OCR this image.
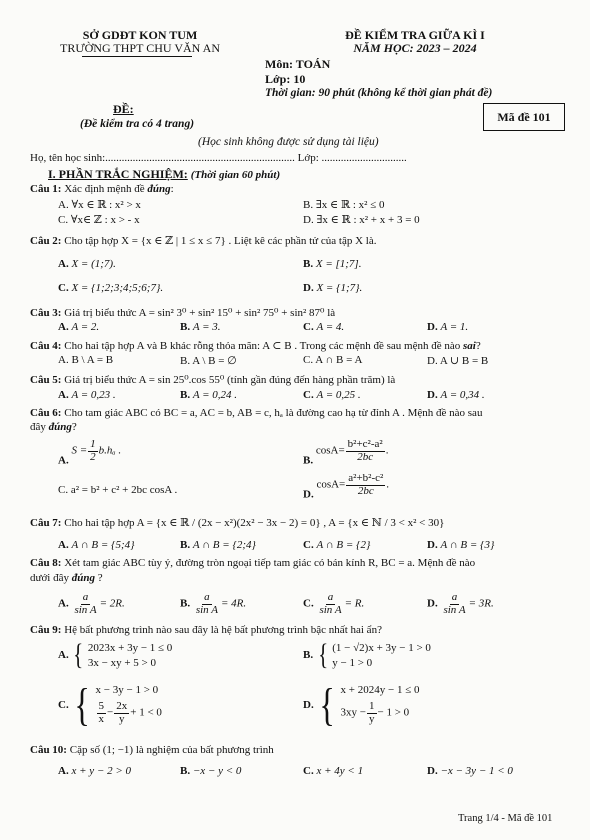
SỞ GDĐT KON TUM
TRƯỜNG THPT CHU VĂN AN
ĐỀ KIỂM TRA GIỮA KÌ I
NĂM HỌC: 2023 – 2024
Môn: TOÁN
Lớp: 10
Thời gian: 90 phút (không kể thời gian phát đề)
ĐỀ:
(Đề kiểm tra có 4 trang)	Mã đề 101
(Học sinh không được sử dụng tài liệu)
Họ, tên học sinh:..................................................................... Lớp: ...............................
I. PHẦN TRẮC NGHIỆM: (Thời gian 60 phút)
Câu 1: Xác định mệnh đề đúng:
A. ∀x ∈ ℝ : x² > x	B. ∃x ∈ ℝ : x² ≤ 0
C. ∀x∈ ℤ : x > - x	D. ∃x ∈ ℝ : x² + x + 3 = 0
Câu 2: Cho tập hợp X = {x ∈ ℤ | 1 ≤ x ≤ 7} . Liệt kê các phần tử của tập X là.
A. X = (1;7).	B. X = [1;7].
C. X = {1;2;3;4;5;6;7}.	D. X = {1;7}.
Câu 3: Giá trị biểu thức A = sin² 3⁰ + sin² 15⁰ + sin² 75⁰ + sin² 87⁰ là
A. A = 2.	B. A = 3.	C. A = 4.	D. A = 1.
Câu 4: Cho hai tập hợp A và B khác rỗng thỏa mãn: A ⊂ B . Trong các mệnh đề sau mệnh đề nào sai?
A. B \ A = B	B. A \ B = ∅	C. A ∩ B = A	D. A ∪ B = B
Câu 5: Giá trị biểu thức A = sin 25⁰.cos 55⁰ (tính gần đúng đến hàng phần trăm) là
A. A = 0,23 .	B. A = 0,24 .	C. A = 0,25 .	D. A = 0,34 .
Câu 6: Cho tam giác ABC có BC = a, AC = b, AB = c, hₐ là đường cao hạ từ đỉnh A . Mệnh đề nào sau
đây đúng?
A. $S = \frac{1}{2} b.h_a$ .
B. $\cos A= \frac{\text{b²+c²-a²}}{2bc}$ .
C. a² = b² + c² + 2bc cosA .	D. $\cos A= \frac{\text{a²+b²-c²}}{2bc}$ .
Câu 7: Cho hai tập hợp A = {x ∈ ℝ / (2x − x²)(2x² − 3x − 2) = 0} , A = {x ∈ ℕ / 3 < x² < 30}
A. A ∩ B = {5;4}	B. A ∩ B = {2;4}	C. A ∩ B = {2}	D. A ∩ B = {3}
Câu 8: Xét tam giác ABC tùy ý, đường tròn ngoại tiếp tam giác có bán kính R, BC = a. Mệnh đề nào
dưới đây đúng ?
A. $\frac{a}{\text{sin A}} = 2R$.	B. $\frac{a}{\text{sin A}} = 4R$.	C. $\frac{a}{\text{sin A}} = R$.	D. $\frac{a}{\text{sin A}} = 3R$.
Câu 9: Hệ bất phương trình nào sau đây là hệ bất phương trình bậc nhất hai ẩn?
A. { 2023x + 3y − 1 ≤ 0
3x − xy + 5 > 0
B. { (1 − √2)x + 3y − 1 > 0
y − 1 > 0
C. { x − 3y − 1 > 0
$\frac{5}{x} - \frac{2x}{y} + 1 < 0$
D. { x + 2024y − 1 ≤ 0
$3xy - \frac{1}{y} - 1 > 0$
Câu 10: Cặp số (1; −1) là nghiệm của bất phương trình
A. x + y − 2 > 0	B. −x − y < 0	C. x + 4y < 1	D. −x − 3y − 1 < 0
Trang 1/4 - Mã đề 101
